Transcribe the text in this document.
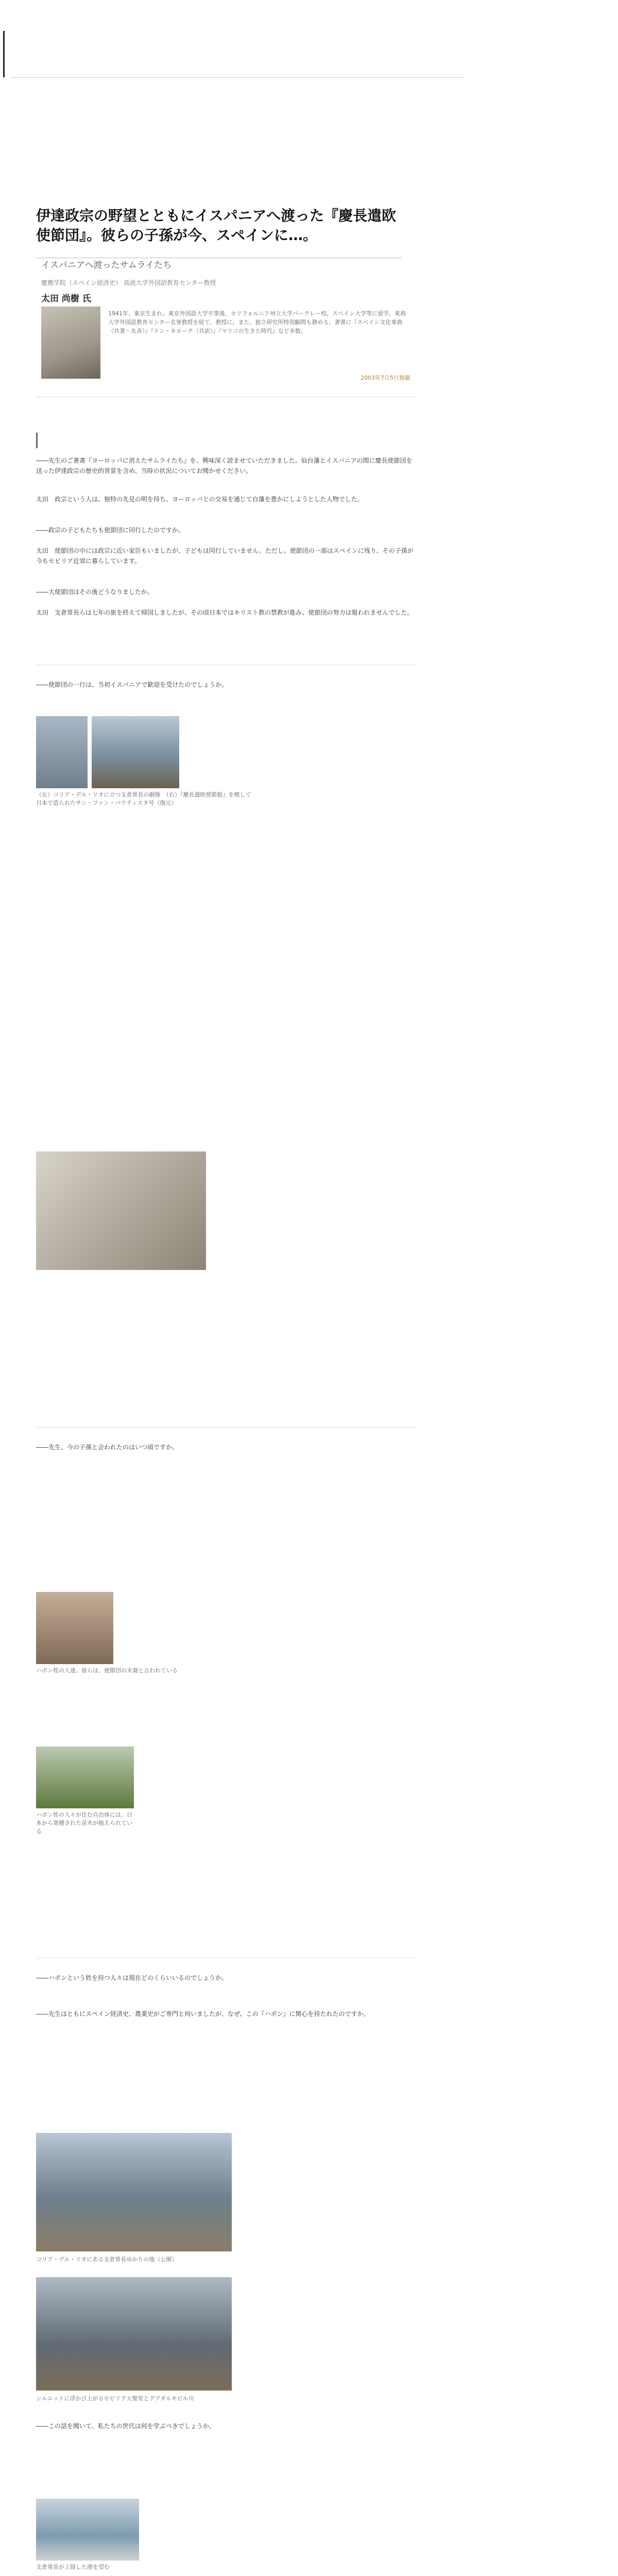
伊達政宗の野望とともにイスパニアへ渡った『慶長遣欧使節団』。彼らの子孫が今、スペインに…。
イスパニアへ渡ったサムライたち
慶應学院（スペイン経済史） 高波大学外国語教育センター教授
太田 尚樹 氏
1941年、東京生まれ。東京外国語大学卒業後、カリフォルニア州立大学バークレー校、スペイン大学等に留学。東海大学外国語教育センター名誉教授を経て、教授に。また、独立研究所特別顧問も務める。著書に『スペイン文化事典（共著・丸善）』『ドン・キホーテ（共訳）』『マリコの生きた時代』など多数。
2003年7月5日掲載
――先生のご著書『ヨーロッパに消えたサムライたち』を、興味深く読ませていただきました。仙台藩とイスパニアの間に慶長使節団を送った伊達政宗の歴史的背景を含め、当時の状況についてお聞かせください。
太田　政宗という人は、独特の先見の明を持ち、ヨーロッパとの交易を通じて自藩を豊かにしようとした人物でした。
――政宗の子どもたちも使節団に同行したのですか。
太田　使節団の中には政宗に近い家臣もいましたが、子どもは同行していません。ただし、使節団の一部はスペインに残り、その子孫が今もセビリア近郊に暮らしています。
――大使節団はその後どうなりましたか。
太田　支倉常長らは七年の旅を終えて帰国しましたが、その頃日本ではキリスト教の禁教が進み、使節団の努力は報われませんでした。
――使節団の一行は、当初イスパニアで歓迎を受けたのでしょうか。
（左）コリア・デル・リオに立つ支倉常長の銅像　（右）『慶長遣欧使節船』を模して日本で造られたサン・ファン・バウティスタ号（復元）
――先生、今の子孫と会われたのはいつ頃ですか。
ハポン姓の人達。彼らは、使節団の末裔と言われている
ハポン姓の人々が住む自治体には、日本から寄贈された苗木が植えられている
――ハポンという姓を持つ人々は現在どのくらいいるのでしょうか。
――先生はともにスペイン経済史、農業史がご専門と伺いましたが、なぜ、この『ハポン』に関心を持たれたのですか。
コリア・デル・リオにある支倉常長ゆかりの地（公園）
シルエットに浮かび上がるセビリア大聖堂とグアダルキビル川
――この話を聞いて、私たちの世代は何を学ぶべきでしょうか。
支倉常長が上陸した港を望む
